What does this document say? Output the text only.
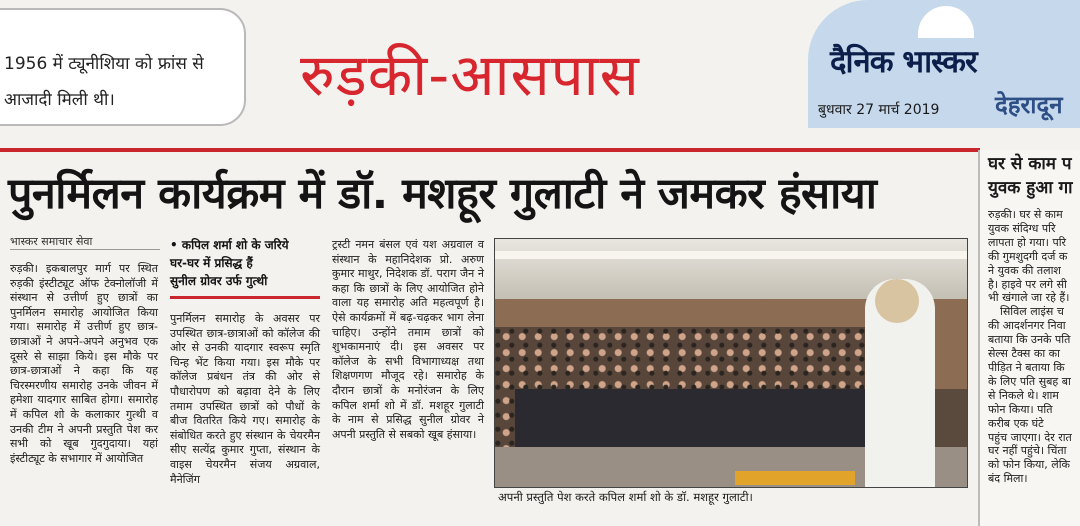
1956 में ट्यूनीशिया को फ्रांस से

आजादी मिली थी।	रुड़की-आसपास	दैनिक भास्कर
बुधवार 27 मार्च 2019 देहरादून
घर से काम प
युवक हुआ गा
रुड़की। घर से काम
युवक संदिग्ध परि
लापता हो गया। परि
की गुमशुदगी दर्ज क
ने युवक की तलाश
है। हाइवे पर लगे सी
भी खंगाले जा रहे हैं।
सिविल लाइंस च
की आदर्शनगर निवा
बताया कि उनके पति
सेल्स टैक्स का का
पीड़ित ने बताया कि
के लिए पति सुबह बा
से निकले थे। शाम
फोन किया। पति
करीब एक घंटे
पहुंच जाएगा। देर रात
घर नहीं पहुंचे। चिंता
को फोन किया, लेकि
बंद मिला।
पुनर्मिलन कार्यक्रम में डॉ. मशहूर गुलाटी ने जमकर हंसाया
भास्कर समाचार सेवा	• कपिल शर्मा शो के जरिये
घर-घर में प्रसिद्ध हैं
सुनील ग्रोवर उर्फ गुत्थी
रुड़की। इकबालपुर मार्ग पर स्थित रुड़की इंस्टीट्यूट ऑफ टेक्नोलॉजी में संस्थान से उत्तीर्ण हुए छात्रों का पुनर्मिलन समारोह आयोजित किया गया। समारोह में उत्तीर्ण हुए छात्र-छात्राओं ने अपने-अपने अनुभव एक दूसरे से साझा किये। इस मौके पर छात्र-छात्राओं ने कहा कि यह चिरस्मरणीय समारोह उनके जीवन में हमेशा यादगार साबित होगा। समारोह में कपिल शो के कलाकार गुत्थी व उनकी टीम ने अपनी प्रस्तुति पेश कर सभी को खूब गुदगुदाया। यहां इंस्टीट्यूट के सभागार में आयोजित
पुनर्मिलन समारोह के अवसर पर उपस्थित छात्र-छात्राओं को कॉलेज की ओर से उनकी यादगार स्वरूप स्मृति चिन्ह भेंट किया गया। इस मौके पर कॉलेज प्रबंधन तंत्र की ओर से पौधारोपण को बढ़ावा देने के लिए तमाम उपस्थित छात्रों को पौधों के बीज वितरित किये गए। समारोह के संबोधित करते हुए संस्थान के चेयरमैन सीए सत्येंद्र कुमार गुप्ता, संस्थान के वाइस चेयरमैन संजय अग्रवाल, मैनेजिंग
ट्रस्टी नमन बंसल एवं यश अग्रवाल व संस्थान के महानिदेशक प्रो. अरुण कुमार माथुर, निदेशक डॉ. पराग जैन ने कहा कि छात्रों के लिए आयोजित होने वाला यह समारोह अति महत्वपूर्ण है। ऐसे कार्यक्रमों में बढ़-चढ़कर भाग लेना चाहिए। उन्होंने तमाम छात्रों को शुभकामनाएं दी। इस अवसर पर कॉलेज के सभी विभागाध्यक्ष तथा शिक्षणगण मौजूद रहे। समारोह के दौरान छात्रों के मनोरंजन के लिए कपिल शर्मा शो में डॉ. मशहूर गुलाटी के नाम से प्रसिद्ध सुनील ग्रोवर ने अपनी प्रस्तुति से सबको खूब हंसाया।
अपनी प्रस्तुति पेश करते कपिल शर्मा शो के डॉ. मशहूर गुलाटी।
